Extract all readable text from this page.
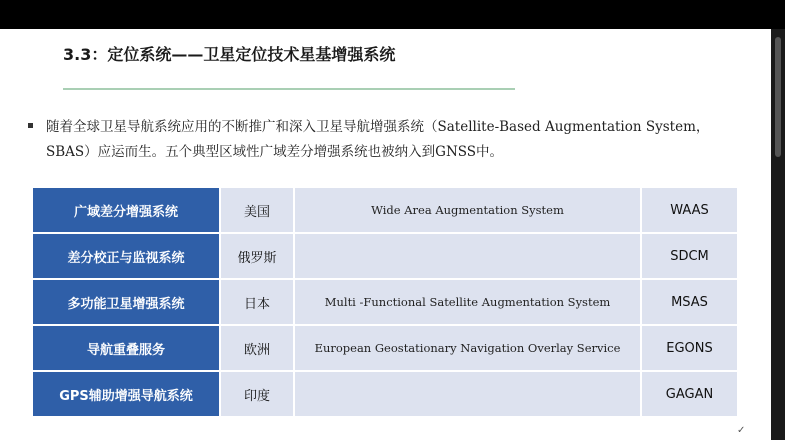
3.3：定位系统——卫星定位技术星基增强系统
随着全球卫星导航系统应用的不断推广和深入卫星导航增强系统（Satellite-Based Augmentation System，SBAS）应运而生。五个典型区域性广域差分增强系统也被纳入到GNSS中。
广域差分增强系统	美国	Wide Area Augmentation System	WAAS
差分校正与监视系统	俄罗斯		SDCM
多功能卫星增强系统	日本	Multi -Functional Satellite Augmentation System	MSAS
导航重叠服务	欧洲	European Geostationary Navigation Overlay Service	EGONS
GPS辅助增强导航系统	印度		GAGAN
✓
